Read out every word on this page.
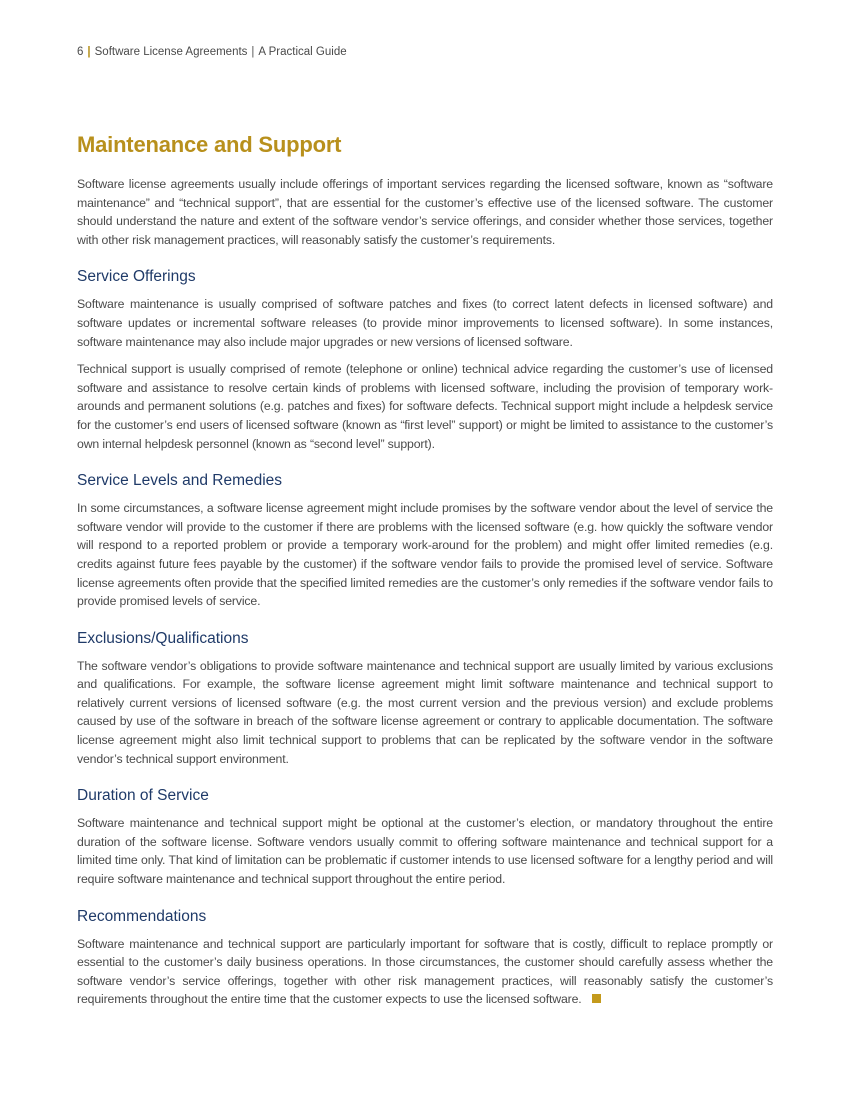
6 | Software License Agreements | A Practical Guide
Maintenance and Support

Software license agreements usually include offerings of important services regarding the licensed software, known as “software maintenance” and “technical support”, that are essential for the customer’s effective use of the licensed software. The customer should understand the nature and extent of the software vendor’s service offerings, and consider whether those services, together with other risk management practices, will reasonably satisfy the customer’s requirements.

Service Offerings

Software maintenance is usually comprised of software patches and fixes (to correct latent defects in licensed software) and software updates or incremental software releases (to provide minor improvements to licensed software). In some instances, software maintenance may also include major upgrades or new versions of licensed software.

Technical support is usually comprised of remote (telephone or online) technical advice regarding the customer’s use of licensed software and assistance to resolve certain kinds of problems with licensed software, including the provision of temporary work-arounds and permanent solutions (e.g. patches and fixes) for software defects. Technical support might include a helpdesk service for the customer’s end users of licensed software (known as “first level” support) or might be limited to assistance to the customer’s own internal helpdesk personnel (known as “second level” support).

Service Levels and Remedies

In some circumstances, a software license agreement might include promises by the software vendor about the level of service the software vendor will provide to the customer if there are problems with the licensed software (e.g. how quickly the software vendor will respond to a reported problem or provide a temporary work-around for the problem) and might offer limited remedies (e.g. credits against future fees payable by the customer) if the software vendor fails to provide the promised level of service. Software license agreements often provide that the specified limited remedies are the customer’s only remedies if the software vendor fails to provide promised levels of service.

Exclusions/Qualifications

The software vendor’s obligations to provide software maintenance and technical support are usually limited by various exclusions and qualifications. For example, the software license agreement might limit software maintenance and technical support to relatively current versions of licensed software (e.g. the most current version and the previous version) and exclude problems caused by use of the software in breach of the software license agreement or contrary to applicable documentation. The software license agreement might also limit technical support to problems that can be replicated by the software vendor in the software vendor’s technical support environment.

Duration of Service

Software maintenance and technical support might be optional at the customer’s election, or mandatory throughout the entire duration of the software license. Software vendors usually commit to offering software maintenance and technical support for a limited time only. That kind of limitation can be problematic if customer intends to use licensed software for a lengthy period and will require software maintenance and technical support throughout the entire period.

Recommendations

Software maintenance and technical support are particularly important for software that is costly, difficult to replace promptly or essential to the customer’s daily business operations. In those circumstances, the customer should carefully assess whether the software vendor’s service offerings, together with other risk management practices, will reasonably satisfy the customer’s requirements throughout the entire time that the customer expects to use the licensed software.
